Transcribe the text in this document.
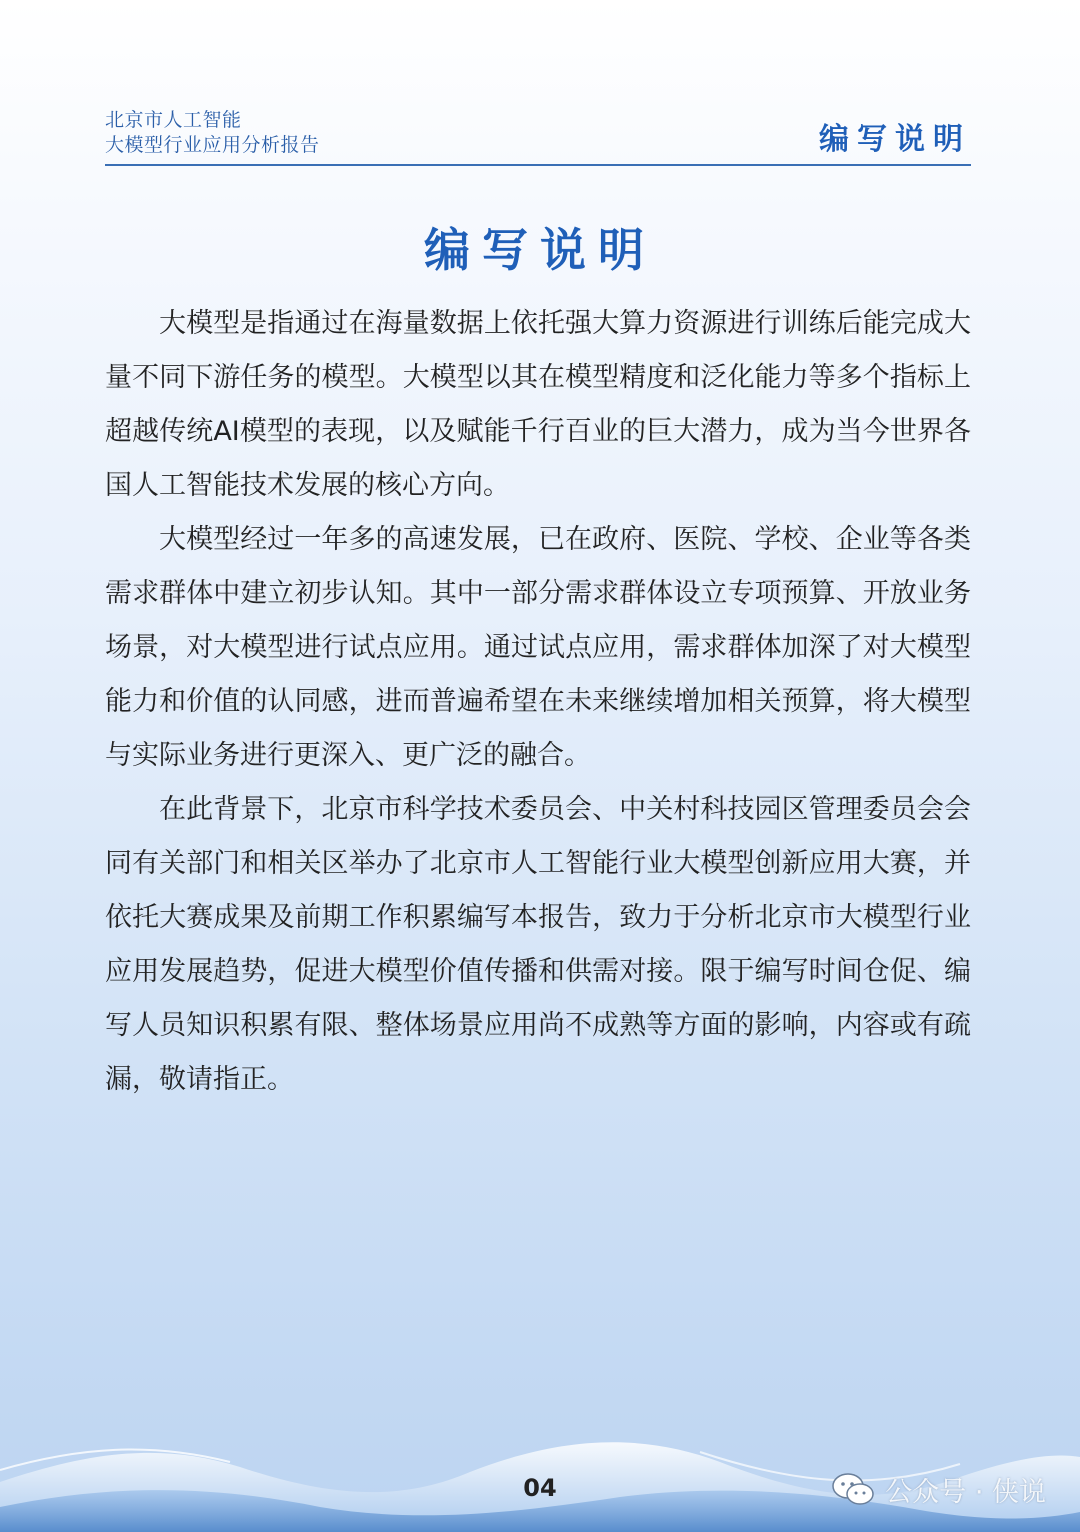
北京市人工智能
大模型行业应用分析报告	编写说明
编写说明

大模型是指通过在海量数据上依托强大算力资源进行训练后能完成大量不同下游任务的模型。大模型以其在模型精度和泛化能力等多个指标上超越传统AI模型的表现，以及赋能千行百业的巨大潜力，成为当今世界各国人工智能技术发展的核心方向。

大模型经过一年多的高速发展，已在政府、医院、学校、企业等各类需求群体中建立初步认知。其中一部分需求群体设立专项预算、开放业务场景，对大模型进行试点应用。通过试点应用，需求群体加深了对大模型能力和价值的认同感，进而普遍希望在未来继续增加相关预算，将大模型与实际业务进行更深入、更广泛的融合。

在此背景下，北京市科学技术委员会、中关村科技园区管理委员会会同有关部门和相关区举办了北京市人工智能行业大模型创新应用大赛，并依托大赛成果及前期工作积累编写本报告，致力于分析北京市大模型行业应用发展趋势，促进大模型价值传播和供需对接。限于编写时间仓促、编写人员知识积累有限、整体场景应用尚不成熟等方面的影响，内容或有疏漏，敬请指正。

04	公众号 · 侠说
